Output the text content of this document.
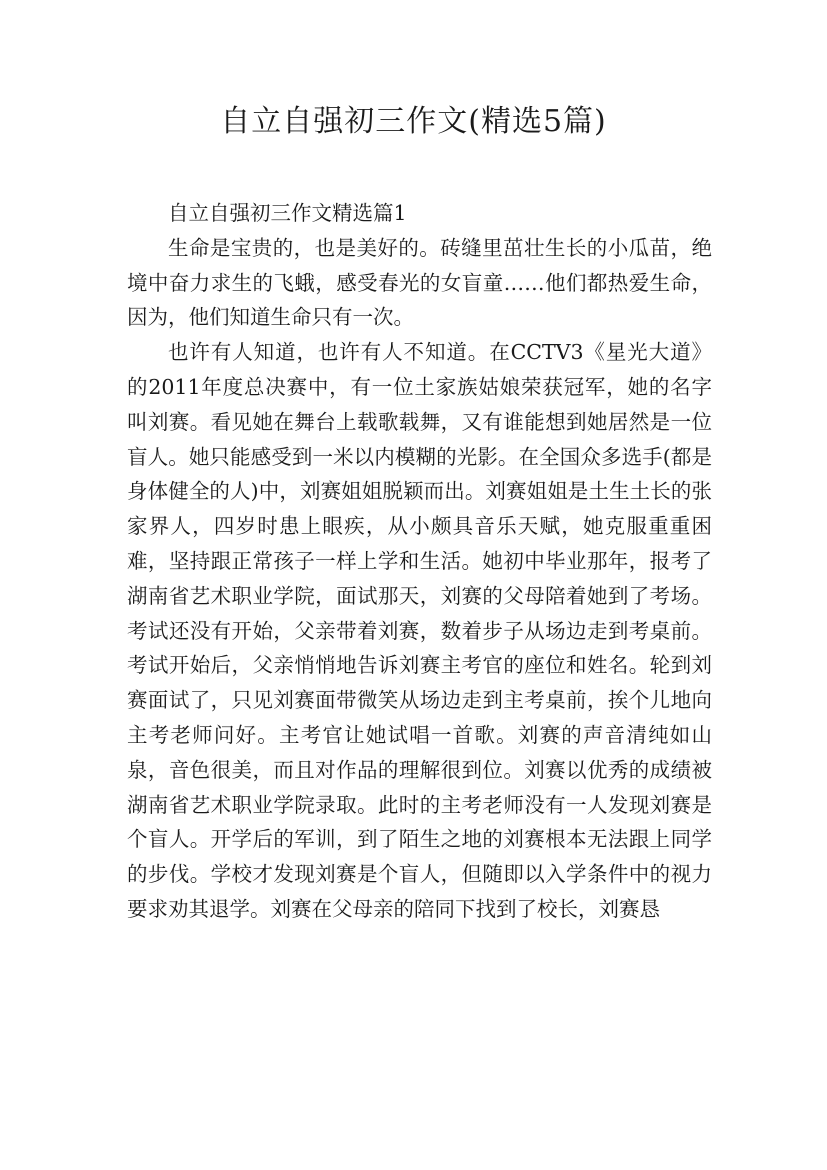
自立自强初三作文(精选5篇)

自立自强初三作文精选篇1

生命是宝贵的，也是美好的。砖缝里茁壮生长的小瓜苗，绝境中奋力求生的飞蛾，感受春光的女盲童……他们都热爱生命，因为，他们知道生命只有一次。

也许有人知道，也许有人不知道。在CCTV3《星光大道》的2011年度总决赛中，有一位土家族姑娘荣获冠军，她的名字叫刘赛。看见她在舞台上载歌载舞，又有谁能想到她居然是一位盲人。她只能感受到一米以内模糊的光影。在全国众多选手(都是身体健全的人)中，刘赛姐姐脱颖而出。刘赛姐姐是土生土长的张家界人，四岁时患上眼疾，从小颇具音乐天赋，她克服重重困难，坚持跟正常孩子一样上学和生活。她初中毕业那年，报考了湖南省艺术职业学院，面试那天，刘赛的父母陪着她到了考场。考试还没有开始，父亲带着刘赛，数着步子从场边走到考桌前。考试开始后，父亲悄悄地告诉刘赛主考官的座位和姓名。轮到刘赛面试了，只见刘赛面带微笑从场边走到主考桌前，挨个儿地向主考老师问好。主考官让她试唱一首歌。刘赛的声音清纯如山泉，音色很美，而且对作品的理解很到位。刘赛以优秀的成绩被湖南省艺术职业学院录取。此时的主考老师没有一人发现刘赛是个盲人。开学后的军训，到了陌生之地的刘赛根本无法跟上同学的步伐。学校才发现刘赛是个盲人，但随即以入学条件中的视力要求劝其退学。刘赛在父母亲的陪同下找到了校长，刘赛恳
